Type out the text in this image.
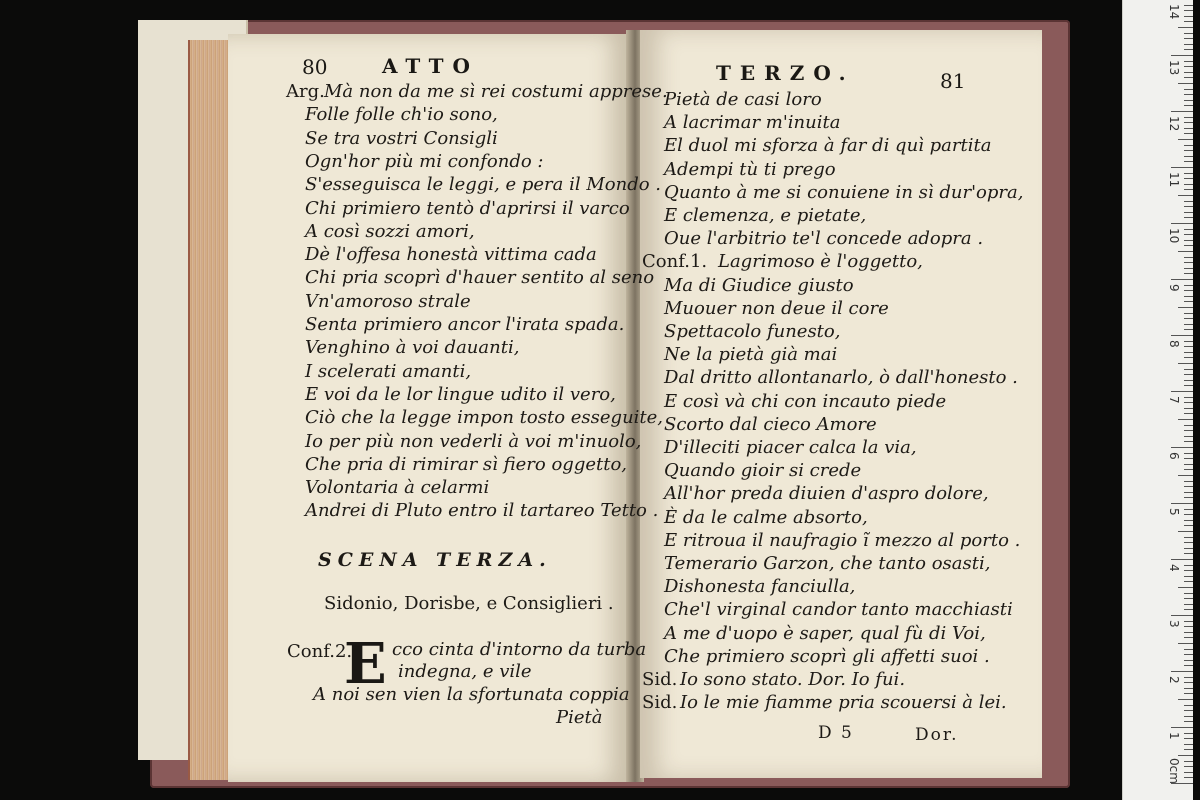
14
13
12
11
10
9
8
7
6
5
4
3
2
1
0cm
80	ATTO
Arg. Mà non da me sì rei costumi apprese.
Folle folle ch'io sono,
Se tra vostri Consigli
Ogn'hor più mi confondo :
S'esseguisca le leggi, e pera il Mondo .
Chi primiero tentò d'aprirsi il varco
A così sozzi amori,
Dè l'offesa honestà vittima cada
Chi pria scoprì d'hauer sentito al seno
Vn'amoroso strale
Senta primiero ancor l'irata spada.
Venghino à voi dauanti,
I scelerati amanti,
E voi da le lor lingue udito il vero,
Ciò che la legge impon tosto esseguite,
Io per più non vederli à voi m'inuolo,
Che pria di rimirar sì fiero oggetto,
Volontaria à celarmi
Andrei di Pluto entro il tartareo Tetto .
SCENA TERZA.
Sidonio, Dorisbe, e Consiglieri .
Conf.2.
E cco cinta d'intorno da turba
indegna, e vile
A noi sen vien la sfortunata coppia
Pietà
TERZO.	81
Pietà de casi loro
A lacrimar m'inuita
El duol mi sforza à far di quì partita
Adempi tù ti prego
Quanto à me si conuiene in sì dur'opra,
E clemenza, e pietate,
Oue l'arbitrio te'l concede adopra .
Conf.1. Lagrimoso è l'oggetto,
Ma di Giudice giusto
Muouer non deue il core
Spettacolo funesto,
Ne la pietà già mai
Dal dritto allontanarlo, ò dall'honesto .
E così và chi con incauto piede
Scorto dal cieco Amore
D'illeciti piacer calca la via,
Quando gioir si crede
All'hor preda diuien d'aspro dolore,
È da le calme absorto,
E ritroua il naufragio ĩ mezzo al porto .
Temerario Garzon, che tanto osasti,
Dishonesta fanciulla,
Che'l virginal candor tanto macchiasti
A me d'uopo è saper, qual fù di Voi,
Che primiero scoprì gli affetti suoi .
Sid. Io sono stato. Dor. Io fui.
Sid. Io le mie fiamme pria scouersi à lei.
D 5	Dor.
